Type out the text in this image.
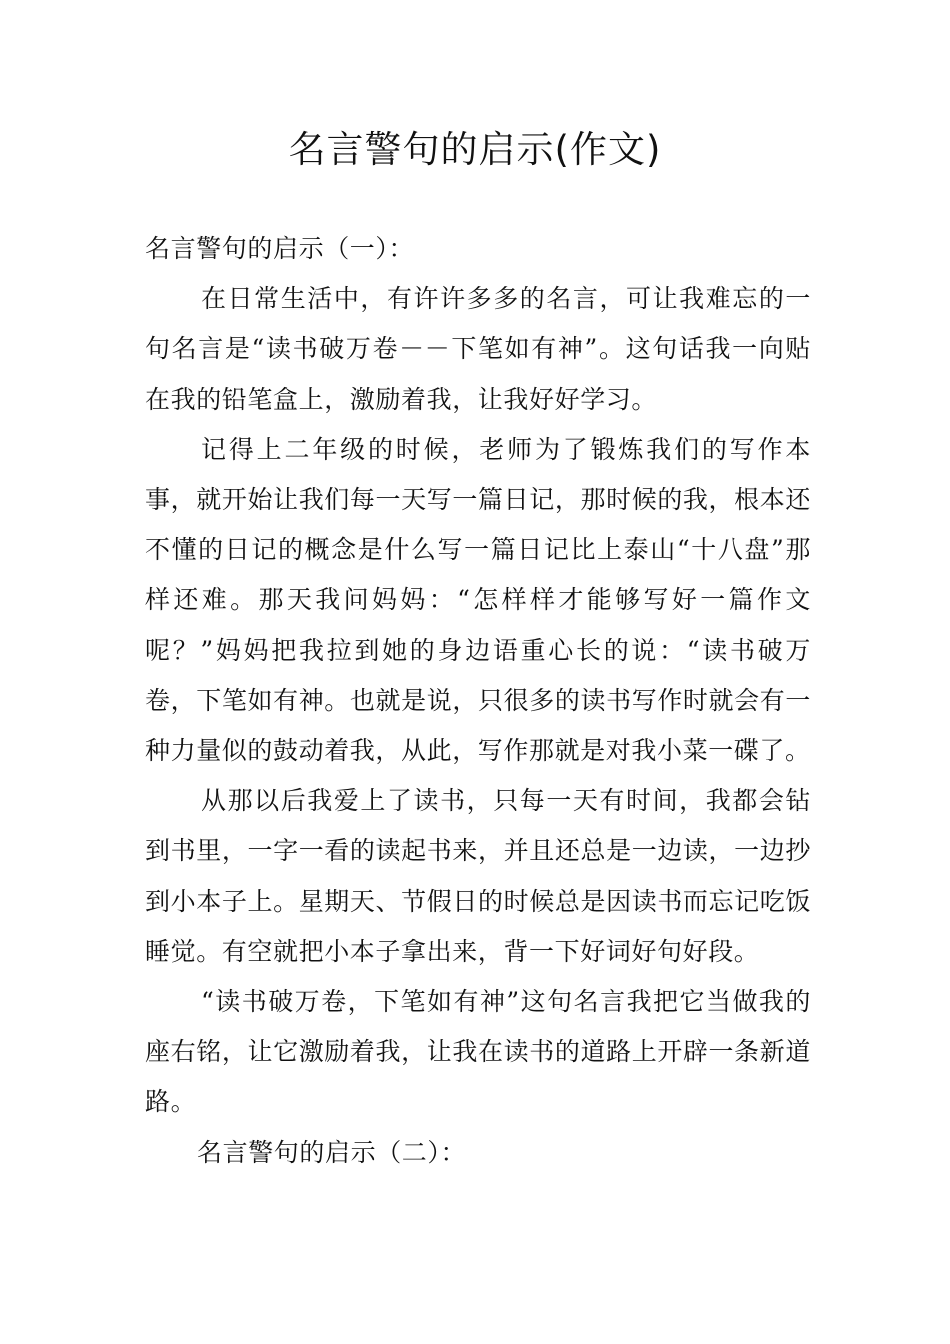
名言警句的启示(作文)

名言警句的启示（一）：

在日常生活中，有许许多多的名言，可让我难忘的一句名言是“读书破万卷－－下笔如有神”。这句话我一向贴在我的铅笔盒上，激励着我，让我好好学习。

记得上二年级的时候，老师为了锻炼我们的写作本事，就开始让我们每一天写一篇日记，那时候的我，根本还不懂的日记的概念是什么写一篇日记比上泰山“十八盘”那样还难。那天我问妈妈：“怎样样才能够写好一篇作文呢？”妈妈把我拉到她的身边语重心长的说：“读书破万卷，下笔如有神。也就是说，只很多的读书写作时就会有一种力量似的鼓动着我，从此，写作那就是对我小菜一碟了。

从那以后我爱上了读书，只每一天有时间，我都会钻到书里，一字一看的读起书来，并且还总是一边读，一边抄到小本子上。星期天、节假日的时候总是因读书而忘记吃饭睡觉。有空就把小本子拿出来，背一下好词好句好段。

“读书破万卷，下笔如有神”这句名言我把它当做我的座右铭，让它激励着我，让我在读书的道路上开辟一条新道路。

名言警句的启示（二）：
